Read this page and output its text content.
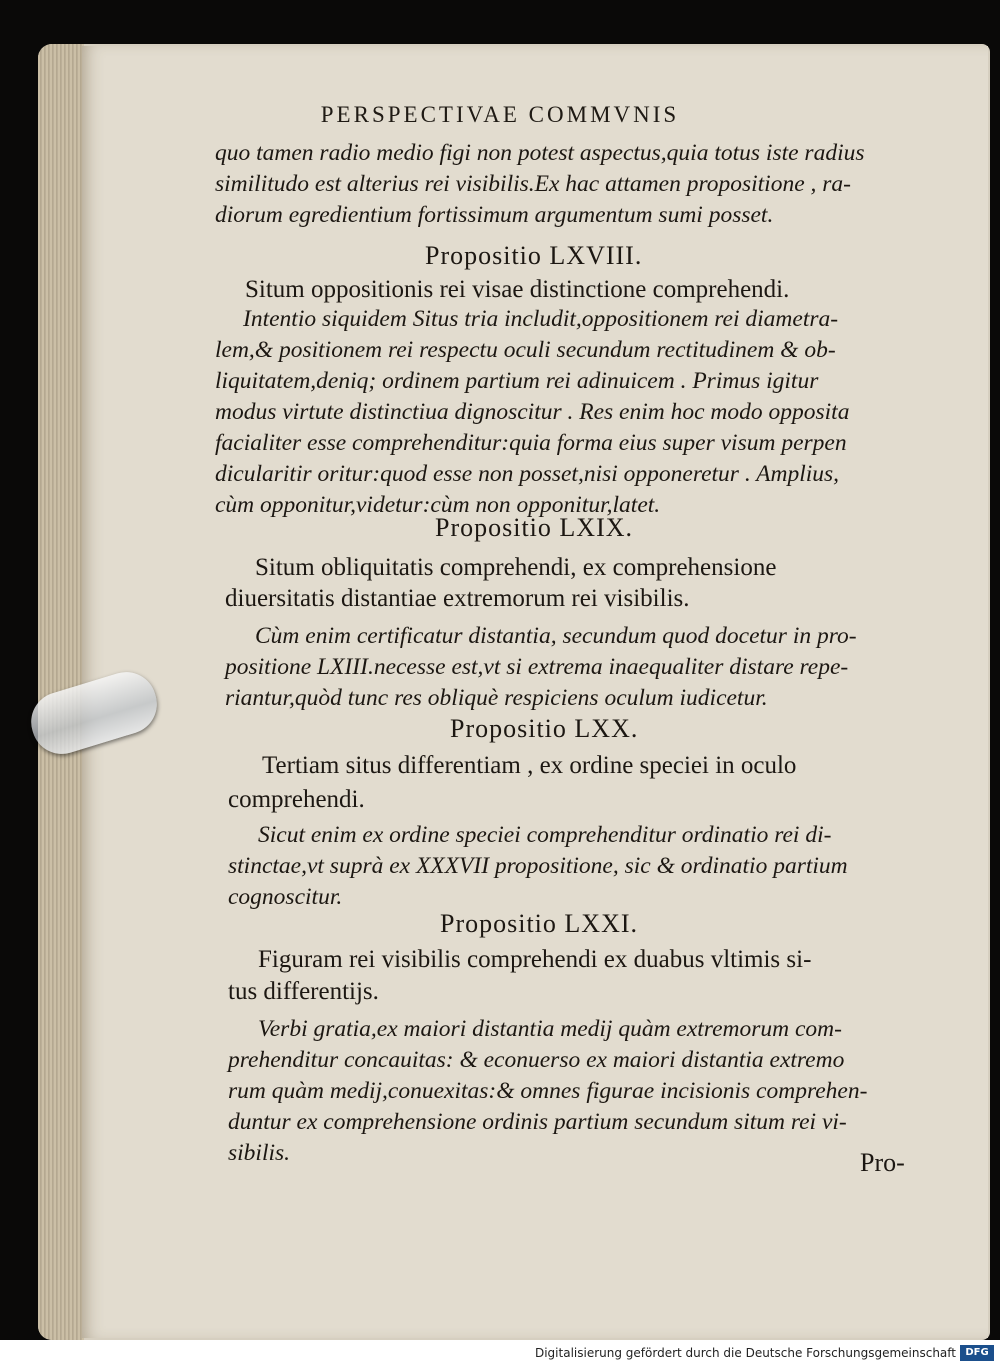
PERSPECTIVAE COMMVNIS
quo tamen radio medio figi non potest aspectus,quia totus iste radius
similitudo est alterius rei visibilis.Ex hac attamen propositione , ra-
diorum egredientium fortissimum argumentum sumi posset.
Propositio LXVIII.
Situm oppositionis rei visae distinctione comprehendi.
Intentio siquidem Situs tria includit,oppositionem rei diametra-
lem,& positionem rei respectu oculi secundum rectitudinem & ob-
liquitatem,deniq; ordinem partium rei adinuicem . Primus igitur
modus virtute distinctiua dignoscitur . Res enim hoc modo opposita
facialiter esse comprehenditur:quia forma eius super visum perpen
dicularitir oritur:quod esse non posset,nisi opponeretur . Amplius,
cùm opponitur,videtur:cùm non opponitur,latet.
Propositio LXIX.
Situm obliquitatis comprehendi, ex comprehensione
diuersitatis distantiae extremorum rei visibilis.
Cùm enim certificatur distantia, secundum quod docetur in pro-
positione LXIII.necesse est,vt si extrema inaequaliter distare repe-
riantur,quòd tunc res obliquè respiciens oculum iudicetur.
Propositio LXX.
Tertiam situs differentiam , ex ordine speciei in oculo
comprehendi.
Sicut enim ex ordine speciei comprehenditur ordinatio rei di-
stinctae,vt suprà ex XXXVII propositione, sic & ordinatio partium
cognoscitur.
Propositio LXXI.
Figuram rei visibilis comprehendi ex duabus vltimis si-
tus differentijs.
Verbi gratia,ex maiori distantia medij quàm extremorum com-
prehenditur concauitas: & econuerso ex maiori distantia extremo
rum quàm medij,conuexitas:& omnes figurae incisionis comprehen-
duntur ex comprehensione ordinis partium secundum situm rei vi-
sibilis.	Pro-
Digitalisierung gefördert durch die Deutsche Forschungsgemeinschaft DFG
